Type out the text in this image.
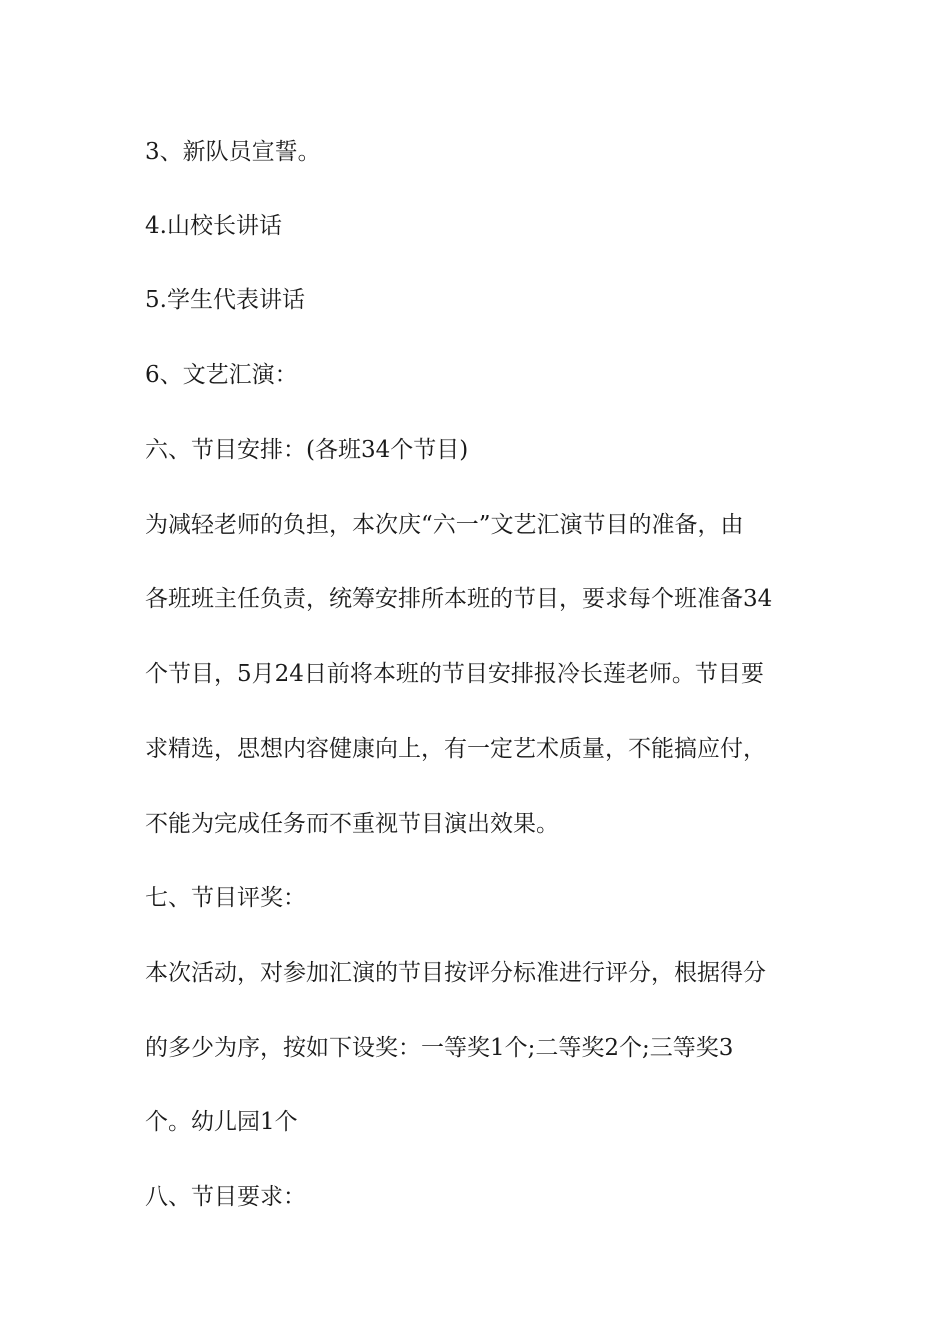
3、新队员宣誓。
4.山校长讲话
5.学生代表讲话
6、文艺汇演：
六、节目安排：(各班34个节目)
为减轻老师的负担，本次庆“六一”文艺汇演节目的准备，由
各班班主任负责，统筹安排所本班的节目，要求每个班准备34
个节目，5月24日前将本班的节目安排报冷长莲老师。节目要
求精选，思想内容健康向上，有一定艺术质量，不能搞应付，
不能为完成任务而不重视节目演出效果。
七、节目评奖：
本次活动，对参加汇演的节目按评分标准进行评分，根据得分
的多少为序，按如下设奖：一等奖1个;二等奖2个;三等奖3
个。幼儿园1个
八、节目要求：
